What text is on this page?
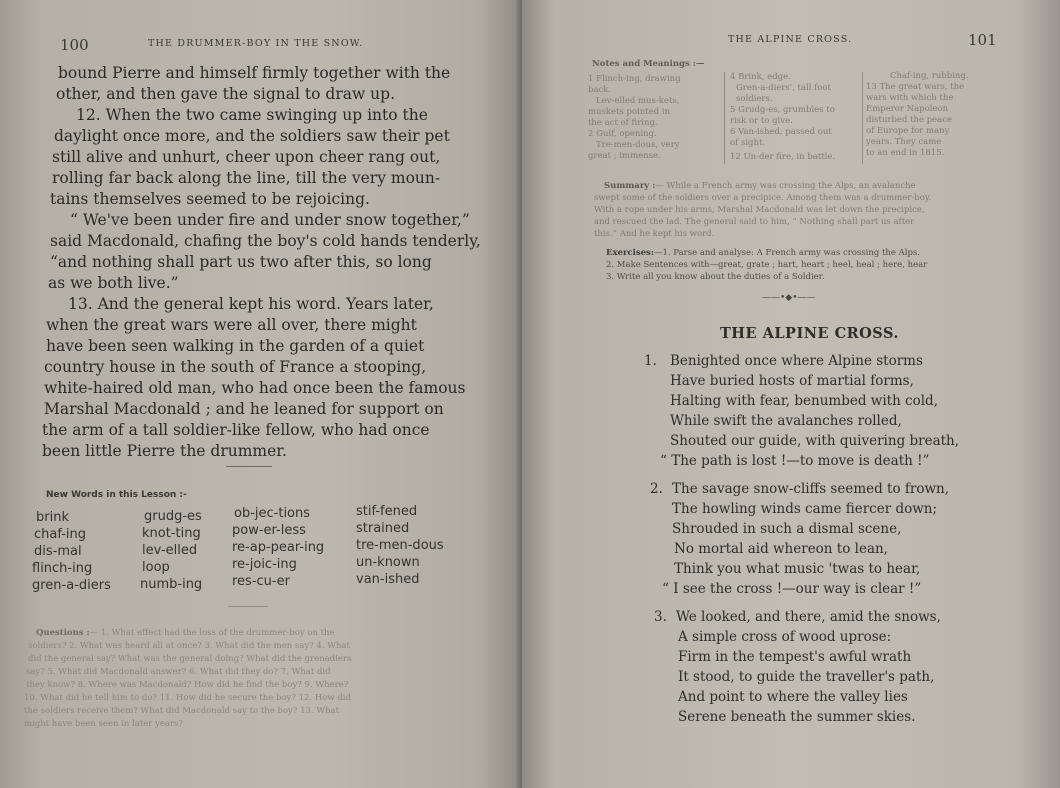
100	THE DRUMMER-BOY IN THE SNOW.
bound Pierre and himself firmly together with the
other, and then gave the signal to draw up.
12. When the two came swinging up into the
daylight once more, and the soldiers saw their pet
still alive and unhurt, cheer upon cheer rang out,
rolling far back along the line, till the very moun-
tains themselves seemed to be rejoicing.
“ We've been under fire and under snow together,”
said Macdonald, chafing the boy's cold hands tenderly,
“and nothing shall part us two after this, so long
as we both live.”
13. And the general kept his word. Years later,
when the great wars were all over, there might
have been seen walking in the garden of a quiet
country house in the south of France a stooping,
white-haired old man, who had once been the famous
Marshal Macdonald ; and he leaned for support on
the arm of a tall soldier-like fellow, who had once
been little Pierre the drummer.
New Words in this Lesson :-
brink
chaf-ing
dis-mal
flinch-ing
gren-a-diers
grudg-es
knot-ting
lev-elled
loop
numb-ing
ob-jec-tions
pow-er-less
re-ap-pear-ing
re-joic-ing
res-cu-er
stif-fened
strained
tre-men-dous
un-known
van-ished
Questions :— 1. What effect had the loss of the drummer-boy on the
soldiers? 2. What was heard all at once? 3. What did the men say? 4. What
did the general say? What was the general doing? What did the grenadiers
say? 5. What did Macdonald answer? 6. What did they do? 7. What did
they know? 8. Where was Macdonald? How did he find the boy? 9. Where?
10. What did he tell him to do? 11. How did he secure the boy? 12. How did
the soldiers receive them? What did Macdonald say to the boy? 13. What
might have been seen in later years?
THE ALPINE CROSS.	101
Notes and Meanings :—
1 Flinch-ing, drawing
back.
Lev-elled mus-kets,
muskets pointed in
the act of firing.
2 Gulf, opening.
Tre-men-dous, very
great ; immense.
4 Brink, edge.
Gren-a-diers', tall foot
soldiers.
5 Grudg-es, grumbles to
risk or to give.
6 Van-ished, passed out
of sight.
12 Un-der fire, in battle.
Chaf-ing, rubbing.
13 The great wars, the
wars with which the
Emperor Napoleon
disturbed the peace
of Europe for many
years. They came
to an end in 1815.
Summary :— While a French army was crossing the Alps, an avalanche
swept some of the soldiers over a precipice. Among them was a drummer-boy.
With a rope under his arms, Marshal Macdonald was let down the precipice,
and rescued the lad. The general said to him, “ Nothing shall part us after
this.” And he kept his word.
Exercises:—1. Parse and analyse: A French army was crossing the Alps.
2. Make Sentences with—great, grate ; hart, heart ; heel, heal ; here, hear
3. Write all you know about the duties of a Soldier.
——•◆•——
THE ALPINE CROSS.
1. Benighted once where Alpine storms
Have buried hosts of martial forms,
Halting with fear, benumbed with cold,
While swift the avalanches rolled,
Shouted our guide, with quivering breath,
“ The path is lost !—to move is death !”
2. The savage snow-cliffs seemed to frown,
The howling winds came fiercer down;
Shrouded in such a dismal scene,
No mortal aid whereon to lean,
Think you what music 'twas to hear,
“ I see the cross !—our way is clear !”
3. We looked, and there, amid the snows,
A simple cross of wood uprose:
Firm in the tempest's awful wrath
It stood, to guide the traveller's path,
And point to where the valley lies
Serene beneath the summer skies.
